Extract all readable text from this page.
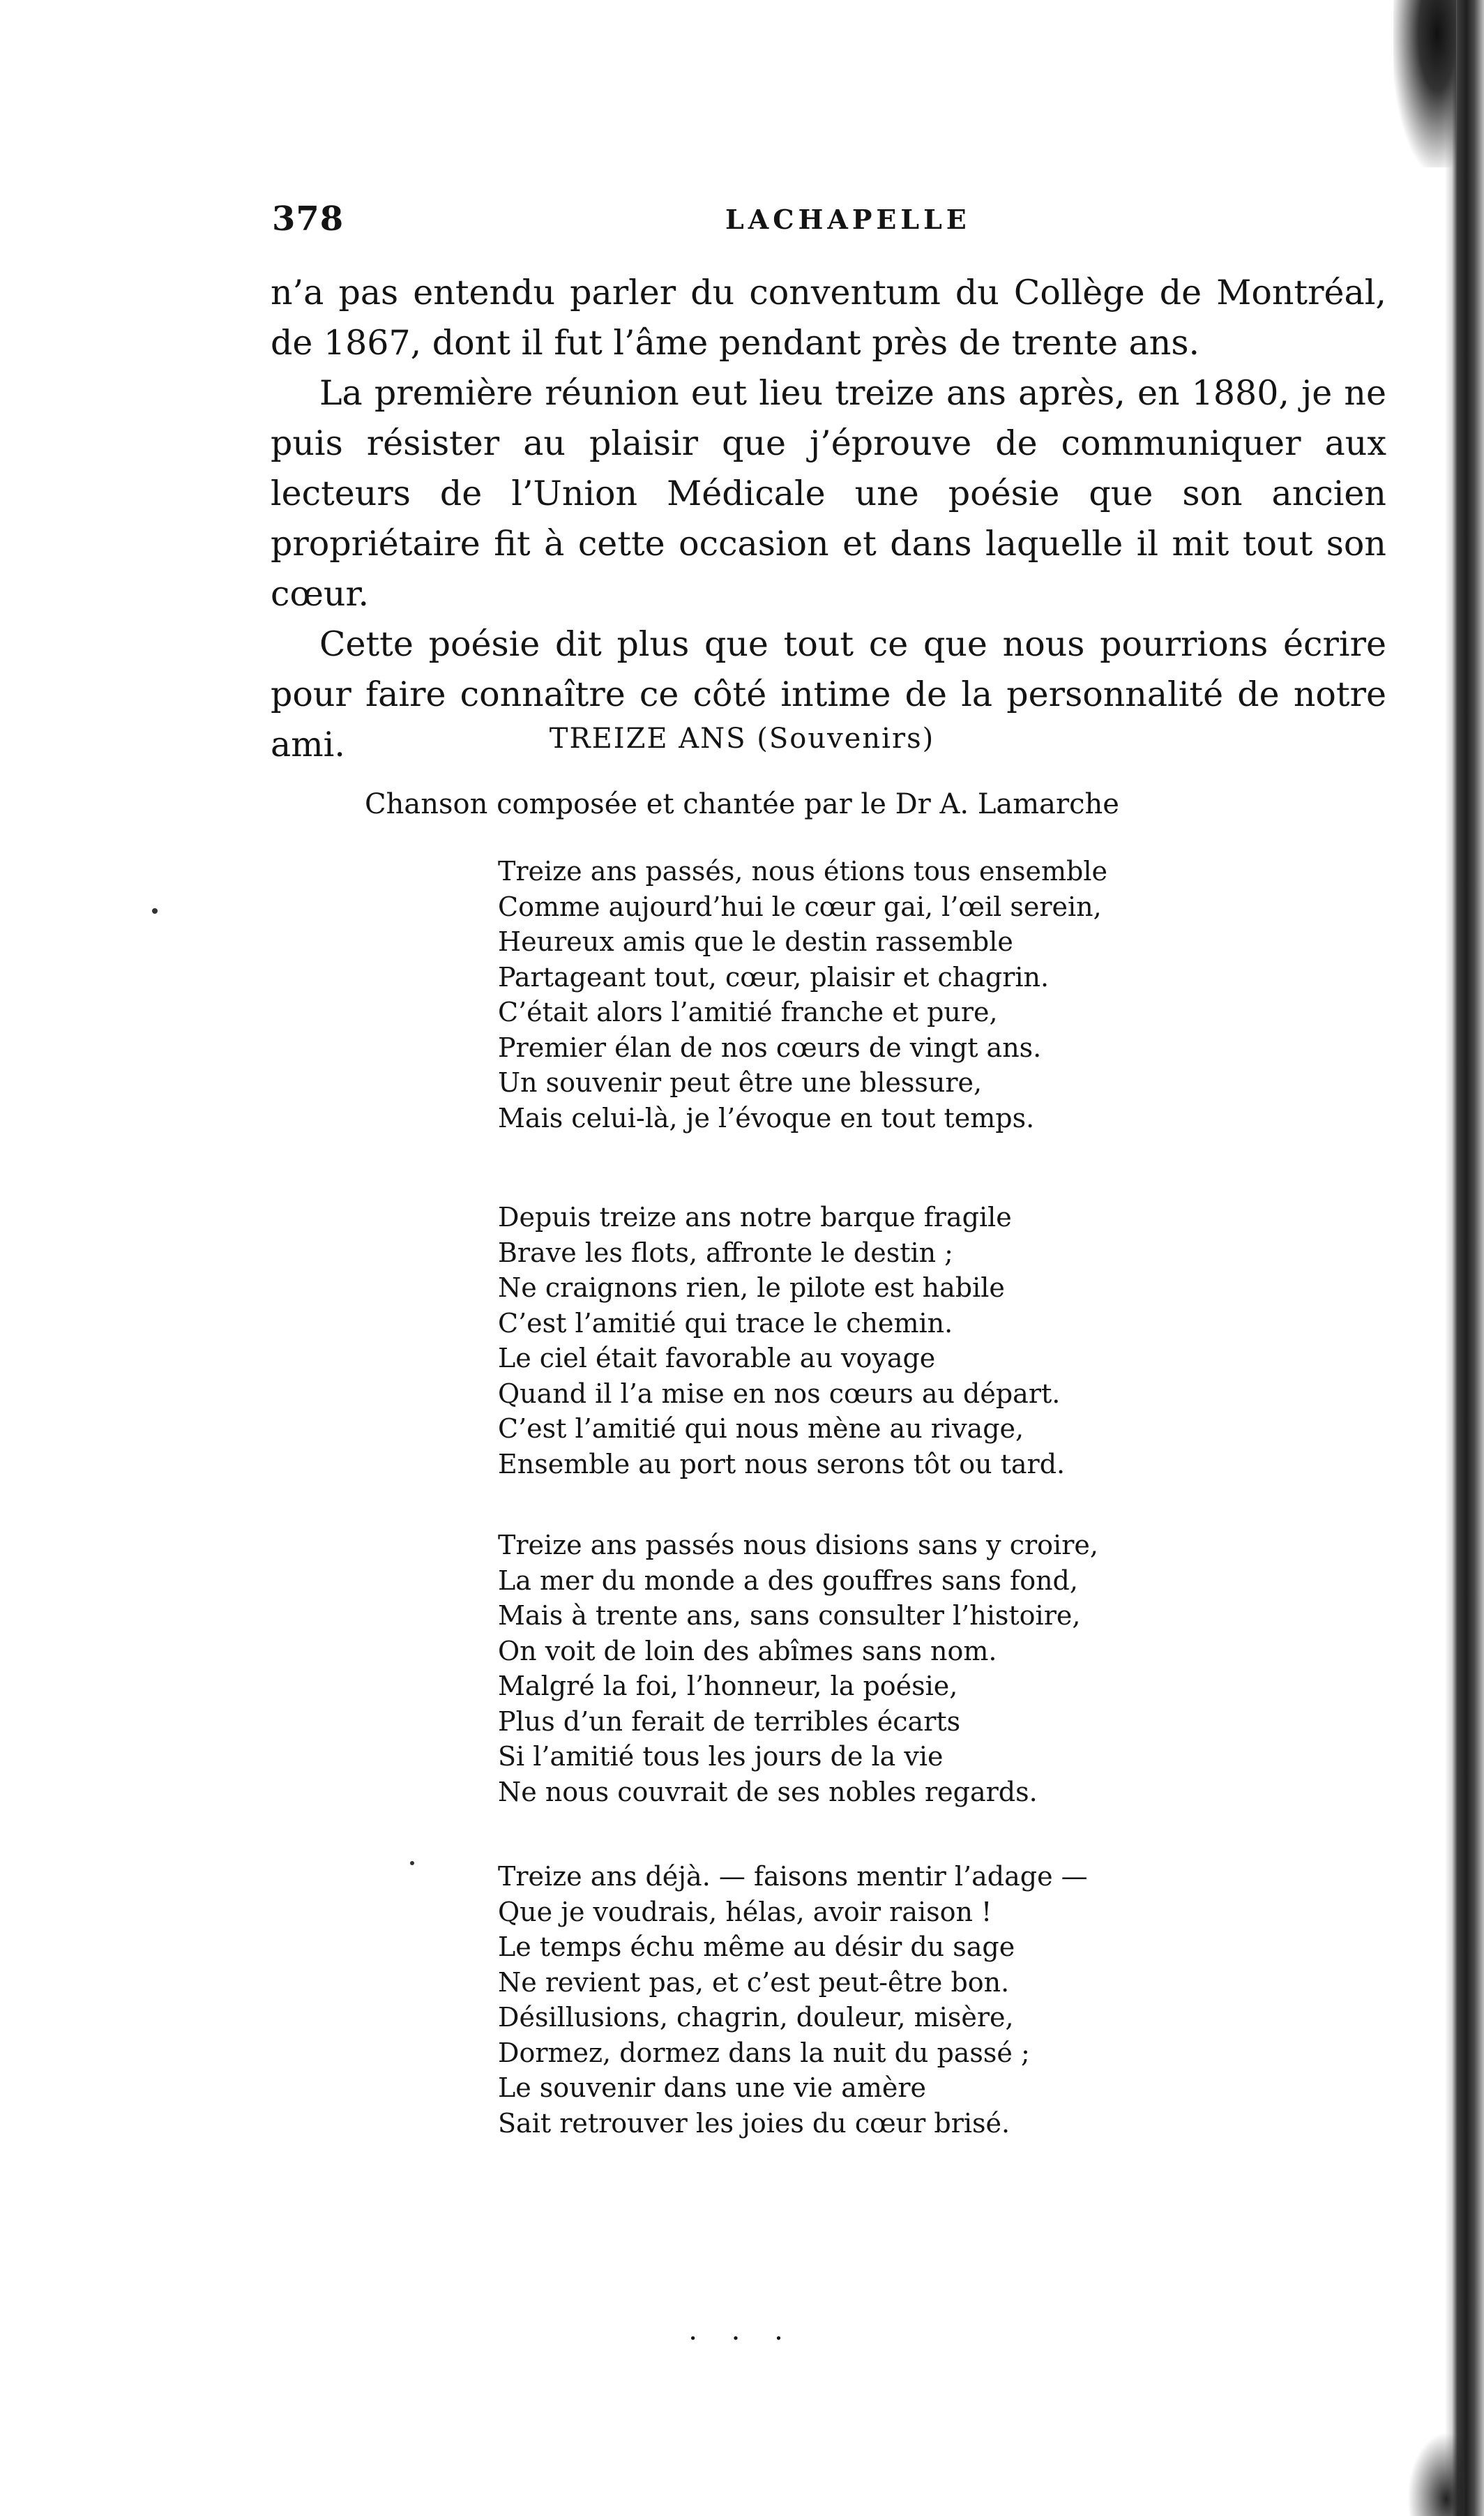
378	LACHAPELLE

n’a pas entendu parler du conventum du Collège de Montréal, de 1867, dont il fut l’âme pendant près de trente ans.

La première réunion eut lieu treize ans après, en 1880, je ne puis résister au plaisir que j’éprouve de communiquer aux lecteurs de l’Union Médicale une poésie que son ancien propriétaire fit à cette occasion et dans laquelle il mit tout son cœur.

Cette poésie dit plus que tout ce que nous pourrions écrire pour faire connaître ce côté intime de la personnalité de notre ami.	TREIZE ANS (Souvenirs)
Chanson composée et chantée par le Dr A. Lamarche
Treize ans passés, nous étions tous ensemble
Comme aujourd’hui le cœur gai, l’œil serein,
Heureux amis que le destin rassemble
Partageant tout, cœur, plaisir et chagrin.
C’était alors l’amitié franche et pure,
Premier élan de nos cœurs de vingt ans.
Un souvenir peut être une blessure,
Mais celui-là, je l’évoque en tout temps.
Depuis treize ans notre barque fragile
Brave les flots, affronte le destin ;
Ne craignons rien, le pilote est habile
C’est l’amitié qui trace le chemin.
Le ciel était favorable au voyage
Quand il l’a mise en nos cœurs au départ.
C’est l’amitié qui nous mène au rivage,
Ensemble au port nous serons tôt ou tard.
Treize ans passés nous disions sans y croire,
La mer du monde a des gouffres sans fond,
Mais à trente ans, sans consulter l’histoire,
On voit de loin des abîmes sans nom.
Malgré la foi, l’honneur, la poésie,
Plus d’un ferait de terribles écarts
Si l’amitié tous les jours de la vie
Ne nous couvrait de ses nobles regards.
Treize ans déjà. — faisons mentir l’adage —
Que je voudrais, hélas, avoir raison !
Le temps échu même au désir du sage
Ne revient pas, et c’est peut-être bon.
Désillusions, chagrin, douleur, misère,
Dormez, dormez dans la nuit du passé ;
Le souvenir dans une vie amère
Sait retrouver les joies du cœur brisé.
. . .
